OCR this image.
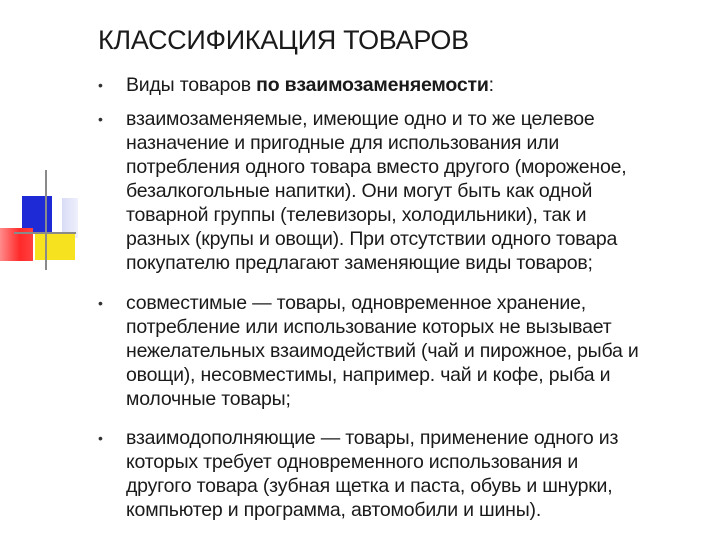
КЛАССИФИКАЦИЯ ТОВАРОВ
• Виды товаров по взаимозаменяемости:
• взаимозаменяемые, имеющие одно и то же целевое
назначение и пригодные для использования или
потребления одного товара вместо другого (мороженое,
безалкогольные напитки). Они могут быть как одной
товарной группы (телевизоры, холодильники), так и
разных (крупы и овощи). При отсутствии одного товара
покупателю предлагают заменяющие виды товаров;
• совместимые — товары, одновременное хранение,
потребление или использование которых не вызывает
нежелательных взаимодействий (чай и пирожное, рыба и
овощи), несовместимы, например. чай и кофе, рыба и
молочные товары;
• взаимодополняющие — товары, применение одного из
которых требует одновременного использования и
другого товара (зубная щетка и паста, обувь и шнурки,
компьютер и программа, автомобили и шины).
